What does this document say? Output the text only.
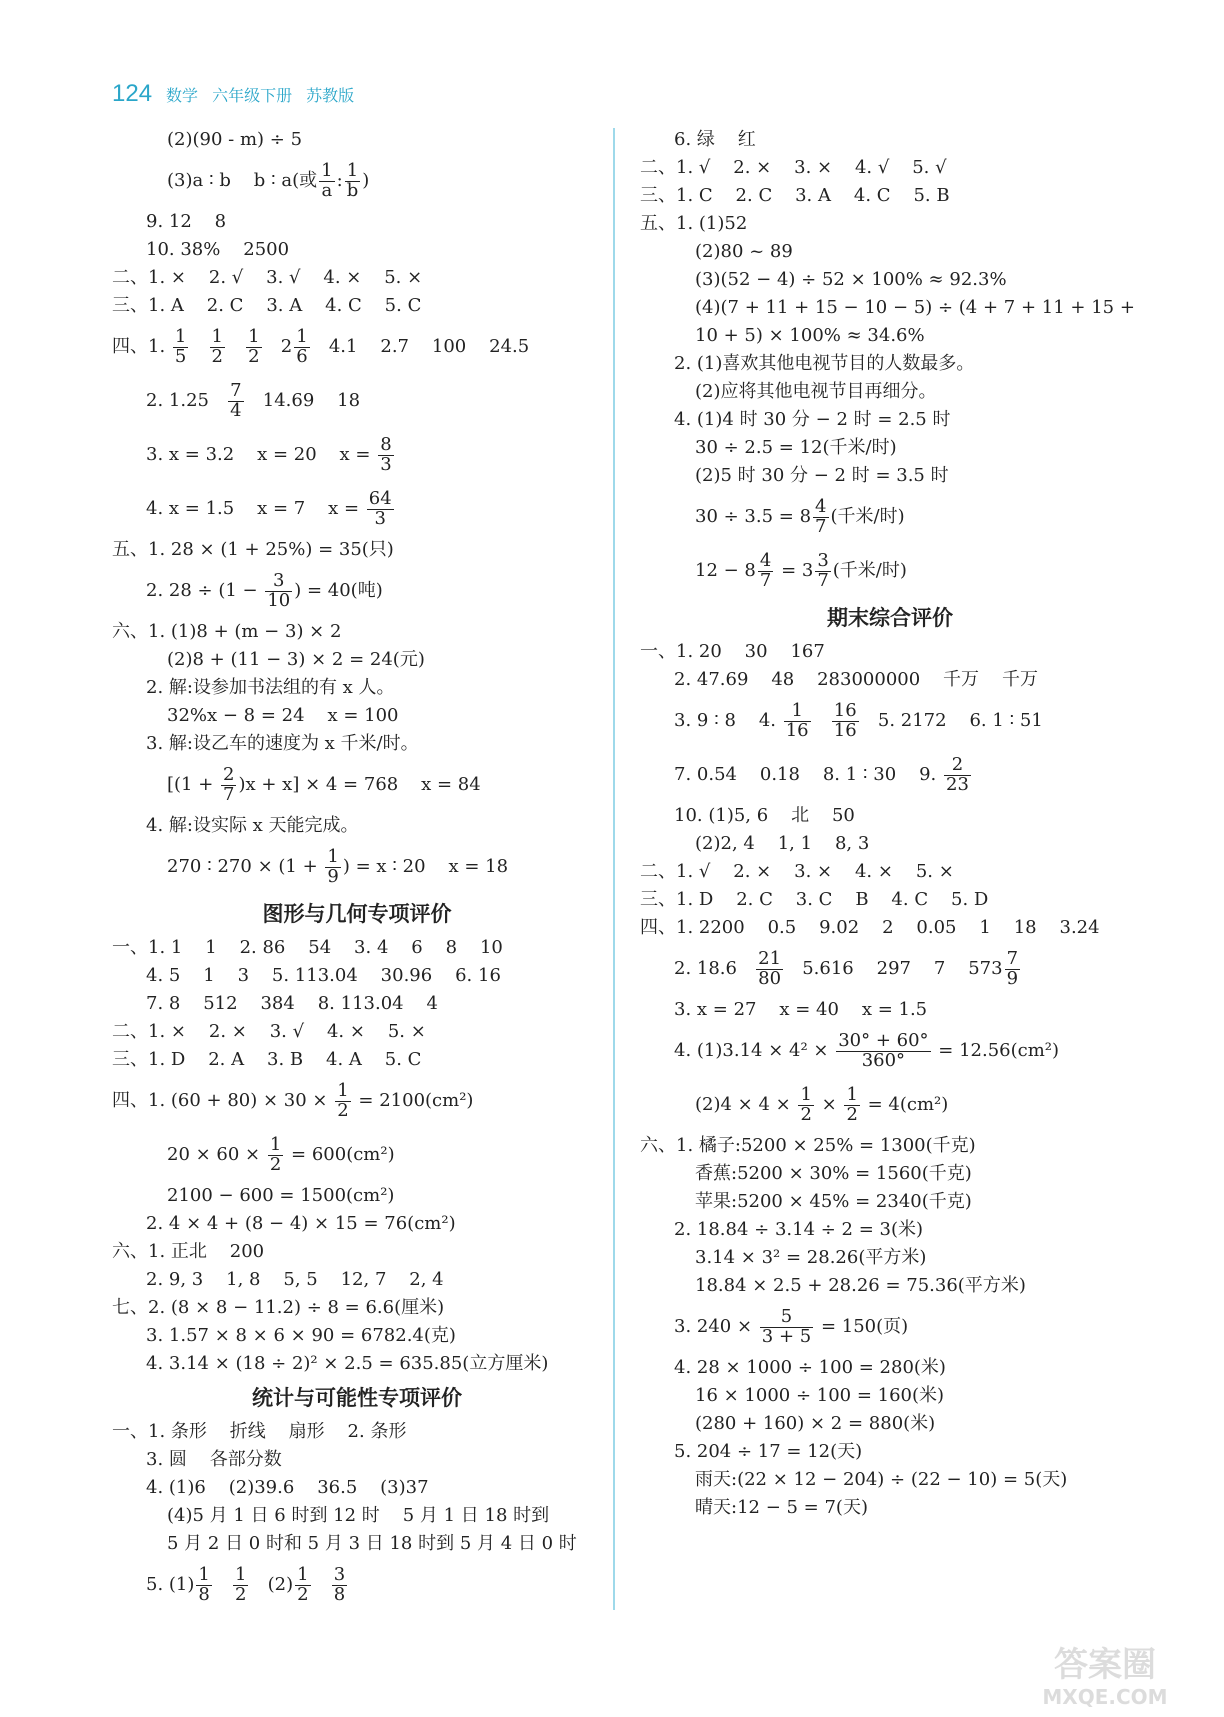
124 数学 六年级下册 苏教版
(2)(90 - m) ÷ 5
(3)a ∶ b    b ∶ a(或 $\frac{1}{a}$ : $\frac{1}{b}$ )
9. 12    8
10. 38%    2500
二、1. ×    2. √    3. √    4. ×    5. ×
三、1. A    2. C    3. A    4. C    5. C
四、1. $\frac{1}{5}$
$\frac{1}{2}$
$\frac{1}{2} 2 \frac{1}{6} 4.1$    2.7    100    24.5
2. $1.25 \frac{7}{4} 14.69$    18
3. x = 3.2    x = 20    $x = \frac{8}{3}$
4. x = 1.5    x = 7    $x = \frac{64}{3}$
五、1. 28 × (1 + 25%) = 35(只)
2. $28 \div (1 - \frac{3}{10}$ ) = 40(吨)
六、1. (1)8 + (m − 3) × 2
(2)8 + (11 − 3) × 2 = 24(元)
2. 解:设参加书法组的有 x 人。
32%x − 8 = 24    x = 100
3. 解:设乙车的速度为 x 千米/时。
$[(1 + \frac{2}{7} )x + x] \times 4 = 768$    x = 84
4. 解:设实际 x 天能完成。
270 ∶ $270 \times (1 + \frac{1}{9}$ ) = x ∶ 20    x = 18
图形与几何专项评价
一、1. 1    1    2. 86    54    3. 4    6    8    10
4. 5    1    3    5. 113.04    30.96    6. 16
7. 8    512    384    8. 113.04    4
二、1. ×    2. ×    3. √    4. ×    5. ×
三、1. D    2. A    3. B    4. A    5. C
四、1. $(60 + 80) \times 30 \times \frac{1}{2} = 2100(cm^2)$
$20 \times 60 \times \frac{1}{2} = 600(cm^2)$
2100 − 600 = 1500(cm²)
2. 4 × 4 + (8 − 4) × 15 = 76(cm²)
六、1. 正北    200
2. 9, 3    1, 8    5, 5    12, 7    2, 4
七、2. (8 × 8 − 11.2) ÷ 8 = 6.6(厘米)
3. 1.57 × 8 × 6 × 90 = 6782.4(克)
4. 3.14 × (18 ÷ 2)² × 2.5 = 635.85(立方厘米)
统计与可能性专项评价
一、1. 条形    折线    扇形    2. 条形
3. 圆    各部分数
4. (1)6    (2)39.6    36.5    (3)37
(4)5 月 1 日 6 时到 12 时    5 月 1 日 18 时到
5 月 2 日 0 时和 5 月 3 日 18 时到 5 月 4 日 0 时
5. $(1) \frac{1}{8}$
$\frac{1}{2} (2) \frac{1}{2}$
$\frac{3}{8}$
6. 绿    红
二、1. √    2. ×    3. ×    4. √    5. √
三、1. C    2. C    3. A    4. C    5. B
五、1. (1)52
(2)80 ~ 89
(3)(52 − 4) ÷ 52 × 100% ≈ 92.3%
(4)(7 + 11 + 15 − 10 − 5) ÷ (4 + 7 + 11 + 15 +
10 + 5) × 100% ≈ 34.6%
2. (1)喜欢其他电视节目的人数最多。
(2)应将其他电视节目再细分。
4. (1)4 时 30 分 − 2 时 = 2.5 时
30 ÷ 2.5 = 12(千米/时)
(2)5 时 30 分 − 2 时 = 3.5 时
$30 \div 3.5 = 8 \frac{4}{7}$ (千米/时)
$12 - 8 \frac{4}{7} = 3 \frac{3}{7}$ (千米/时)
期末综合评价
一、1. 20    30    167
2. 47.69    48    283000000    千万    千万
3. 9 ∶ 8    4. $\frac{1}{16}$
$\frac{16}{16} 5$. 2172    6. 1 ∶ 51
7. 0.54    0.18    8. 1 ∶ 30    9. $\frac{2}{23}$
10. (1)5, 6    北    50
(2)2, 4    1, 1    8, 3
二、1. √    2. ×    3. ×    4. ×    5. ×
三、1. D    2. C    3. C    B    4. C    5. D
四、1. 2200    0.5    9.02    2    0.05    1    18    3.24
2. $18.6 \frac{21}{80} 5.616$    297    7    $573 \frac{7}{9}$
3. x = 27    x = 40    x = 1.5
4. $(1)3.14 \times 4^2 \times \frac{30^\circ + 60^\circ}{360^\circ} = 12.56(cm^2)$
$(2)4 \times 4 \times \frac{1}{2} \times \frac{1}{2} = 4(cm^2)$
六、1. 橘子:5200 × 25% = 1300(千克)
香蕉:5200 × 30% = 1560(千克)
苹果:5200 × 45% = 2340(千克)
2. 18.84 ÷ 3.14 ÷ 2 = 3(米)
3.14 × 3² = 28.26(平方米)
18.84 × 2.5 + 28.26 = 75.36(平方米)
3. $240 \times \frac{5}{3 + 5} = 150$(页)
4. 28 × 1000 ÷ 100 = 280(米)
16 × 1000 ÷ 100 = 160(米)
(280 + 160) × 2 = 880(米)
5. 204 ÷ 17 = 12(天)
雨天:(22 × 12 − 204) ÷ (22 − 10) = 5(天)
晴天:12 − 5 = 7(天)
答案圈
MXQE.COM
